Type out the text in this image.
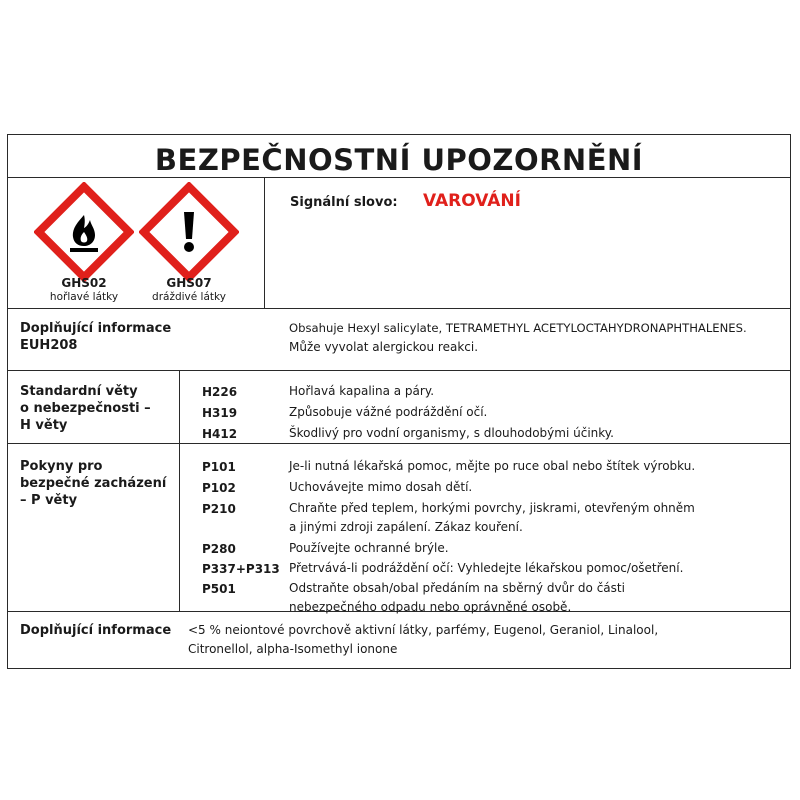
BEZPEČNOSTNÍ UPOZORNĚNÍ
GHS02
hořlavé látky
GHS07
dráždivé látky
Signální slovo: VAROVÁNÍ
Doplňující informace
EUH208
Obsahuje Hexyl salicylate, TETRAMETHYL ACETYLOCTAHYDRONAPHTHALENES.
Může vyvolat alergickou reakci.
Standardní věty
o nebezpečnosti –
H věty
H226	Hořlavá kapalina a páry.
H319	Způsobuje vážné podráždění očí.
H412	Škodlivý pro vodní organismy, s dlouhodobými účinky.
Pokyny pro
bezpečné zacházení
– P věty
P101	Je-li nutná lékařská pomoc, mějte po ruce obal nebo štítek výrobku.
P102	Uchovávejte mimo dosah dětí.
P210	Chraňte před teplem, horkými povrchy, jiskrami, otevřeným ohněm
a jinými zdroji zapálení. Zákaz kouření.
P280	Používejte ochranné brýle.
P337+P313 Přetrvává-li podráždění očí: Vyhledejte lékařskou pomoc/ošetření.
P501	Odstraňte obsah/obal předáním na sběrný dvůr do části
nebezpečného odpadu nebo oprávněné osobě.
Doplňující informace <5 % neiontové povrchově aktivní látky, parfémy, Eugenol, Geraniol, Linalool,
Citronellol, alpha-Isomethyl ionone
